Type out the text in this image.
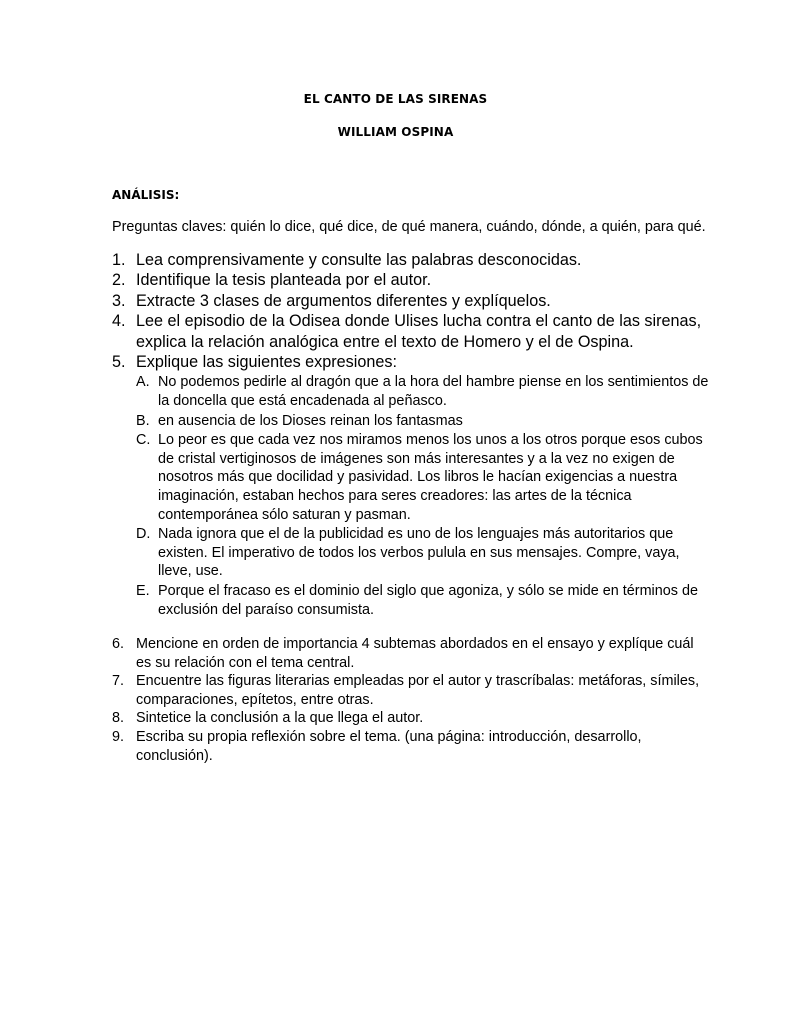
EL CANTO DE LAS SIRENAS
WILLIAM OSPINA
ANÁLISIS:
Preguntas claves: quién lo dice, qué dice, de qué manera, cuándo, dónde, a quién, para qué.
1. Lea comprensivamente y consulte las palabras desconocidas.
2. Identifique la tesis planteada por el autor.
3. Extracte 3 clases de argumentos diferentes y explíquelos.
4. Lee el episodio de la Odisea donde Ulises lucha contra el canto de las sirenas, explica la relación analógica entre el texto de Homero y el de Ospina.
5. Explique las siguientes expresiones:
A. No podemos pedirle al dragón que a la hora del hambre piense en los sentimientos de la doncella que está encadenada al peñasco.
B. en ausencia de los Dioses reinan los fantasmas
C. Lo peor es que cada vez nos miramos menos los unos a los otros porque esos cubos de cristal vertiginosos de imágenes son más interesantes y a la vez no exigen de nosotros más que docilidad y pasividad. Los libros le hacían exigencias a nuestra imaginación, estaban hechos para seres creadores: las artes de la técnica contemporánea sólo saturan y pasman.
D. Nada ignora que el de la publicidad es uno de los lenguajes más autoritarios que existen. El imperativo de todos los verbos pulula en sus mensajes. Compre, vaya, lleve, use.
E. Porque el fracaso es el dominio del siglo que agoniza, y sólo se mide en términos de exclusión del paraíso consumista.
6. Mencione en orden de importancia 4 subtemas abordados en el ensayo y explíque cuál es su relación con el tema central.
7. Encuentre las figuras literarias empleadas por el autor y trascríbalas: metáforas, símiles, comparaciones, epítetos, entre otras.
8. Sintetice la conclusión a la que llega el autor.
9. Escriba su propia reflexión sobre el tema. (una página: introducción, desarrollo, conclusión).
